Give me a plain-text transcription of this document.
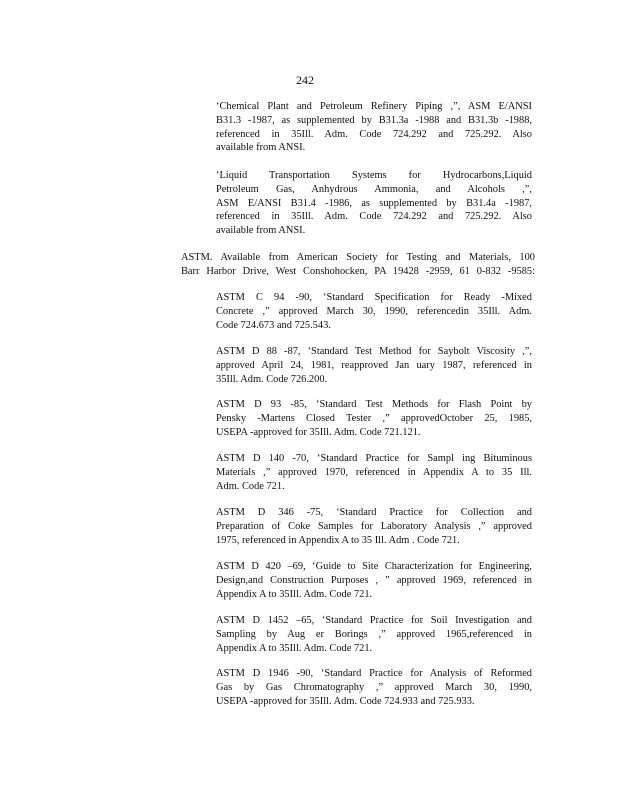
242
‘Chemical Plant and Petroleum Refinery Piping ,”, ASM E/ANSI
B31.3 -1987, as supplemented by B31.3a -1988 and B31.3b -1988,
referenced in 35Ill. Adm. Code 724.292 and 725.292. Also
available from ANSI.
‘Liquid Transportation Systems for Hydrocarbons,Liquid
Petroleum Gas, Anhydrous Ammonia, and Alcohols ,”,
ASM E/ANSI B31.4 -1986, as supplemented by B31.4a -1987,
referenced in 35Ill. Adm. Code 724.292 and 725.292. Also
available from ANSI.
ASTM. Available from American Society for Testing and Materials, 100
Barr Harbor Drive, West Conshohocken, PA 19428 -2959, 61 0-832 -9585:
ASTM C 94 -90, ‘Standard Specification for Ready -Mixed
Concrete ,” approved March 30, 1990, referencedin 35Ill. Adm.
Code 724.673 and 725.543.
ASTM D 88 -87, ‘Standard Test Method for Saybolt Viscosity ,”,
approved April 24, 1981, reapproved Jan uary 1987, referenced in
35Ill. Adm. Code 726.200.
ASTM D 93 -85, ‘Standard Test Methods for Flash Point by
Pensky -Martens Closed Tester ,” approvedOctober 25, 1985,
USEPA -approved for 35Ill. Adm. Code 721.121.
ASTM D 140 -70, ‘Standard Practice for Sampl ing Bituminous
Materials ,” approved 1970, referenced in Appendix A to 35 Ill.
Adm. Code 721.
ASTM D 346 -75, ‘Standard Practice for Collection and
Preparation of Coke Samples for Laboratory Analysis ,” approved
1975, referenced in Appendix A to 35 Ill. Adm . Code 721.
ASTM D 420 –69, ‘Guide to Site Characterization for Engineering,
Design,and Construction Purposes , ” approved 1969, referenced in
Appendix A to 35Ill. Adm. Code 721.
ASTM D 1452 –65, ‘Standard Practice for Soil Investigation and
Sampling by Aug er Borings ,” approved 1965,referenced in
Appendix A to 35Ill. Adm. Code 721.
ASTM D 1946 -90, ‘Standard Practice for Analysis of Reformed
Gas by Gas Chromatography ,” approved March 30, 1990,
USEPA -approved for 35Ill. Adm. Code 724.933 and 725.933.
